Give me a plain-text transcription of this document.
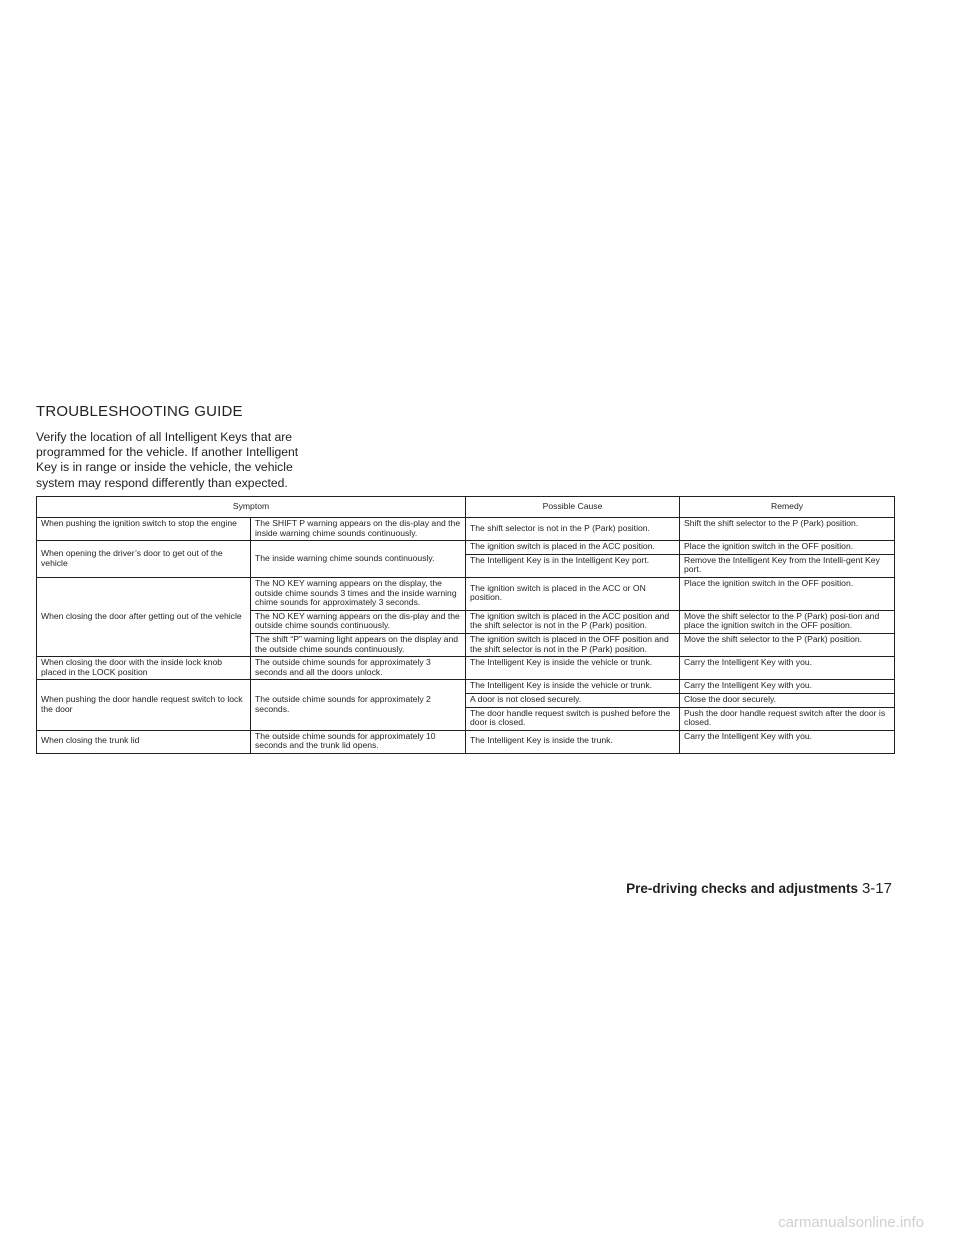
TROUBLESHOOTING GUIDE

Verify the location of all Intelligent Keys that are
programmed for the vehicle. If another Intelligent
Key is in range or inside the vehicle, the vehicle
system may respond differently than expected.

Symptom		Possible Cause	Remedy
When pushing the ignition switch to stop the engine	The SHIFT P warning appears on the dis-play and the inside warning chime sounds continuously.	The shift selector is not in the P (Park) position.	Shift the shift selector to the P (Park) position.
When opening the driver’s door to get out of the vehicle	The inside warning chime sounds continuously.	The ignition switch is placed in the ACC position.	Place the ignition switch in the OFF position.
		The Intelligent Key is in the Intelligent Key port.	Remove the Intelligent Key from the Intelli-gent Key port.
When closing the door after getting out of the vehicle	The NO KEY warning appears on the display, the outside chime sounds 3 times and the inside warning chime sounds for approximately 3 seconds.	The ignition switch is placed in the ACC or ON position.	Place the ignition switch in the OFF position.
	The NO KEY warning appears on the dis-play and the outside chime sounds continuously.	The ignition switch is placed in the ACC position and the shift selector is not in the P (Park) position.	Move the shift selector to the P (Park) posi-tion and place the ignition switch in the OFF position.
	The shift “P” warning light appears on the display and the outside chime sounds continuously.	The ignition switch is placed in the OFF position and the shift selector is not in the P (Park) position.	Move the shift selector to the P (Park) position.
When closing the door with the inside lock knob placed in the LOCK position	The outside chime sounds for approximately 3 seconds and all the doors unlock.	The Intelligent Key is inside the vehicle or trunk.	Carry the Intelligent Key with you.
When pushing the door handle request switch to lock the door	The outside chime sounds for approximately 2 seconds.	The Intelligent Key is inside the vehicle or trunk.	Carry the Intelligent Key with you.
		A door is not closed securely.	Close the door securely.
		The door handle request switch is pushed before the door is closed.	Push the door handle request switch after the door is closed.
When closing the trunk lid	The outside chime sounds for approximately 10 seconds and the trunk lid opens.	The Intelligent Key is inside the trunk.	Carry the Intelligent Key with you.
Pre-driving checks and adjustments 3-17
carmanualsonline.info
